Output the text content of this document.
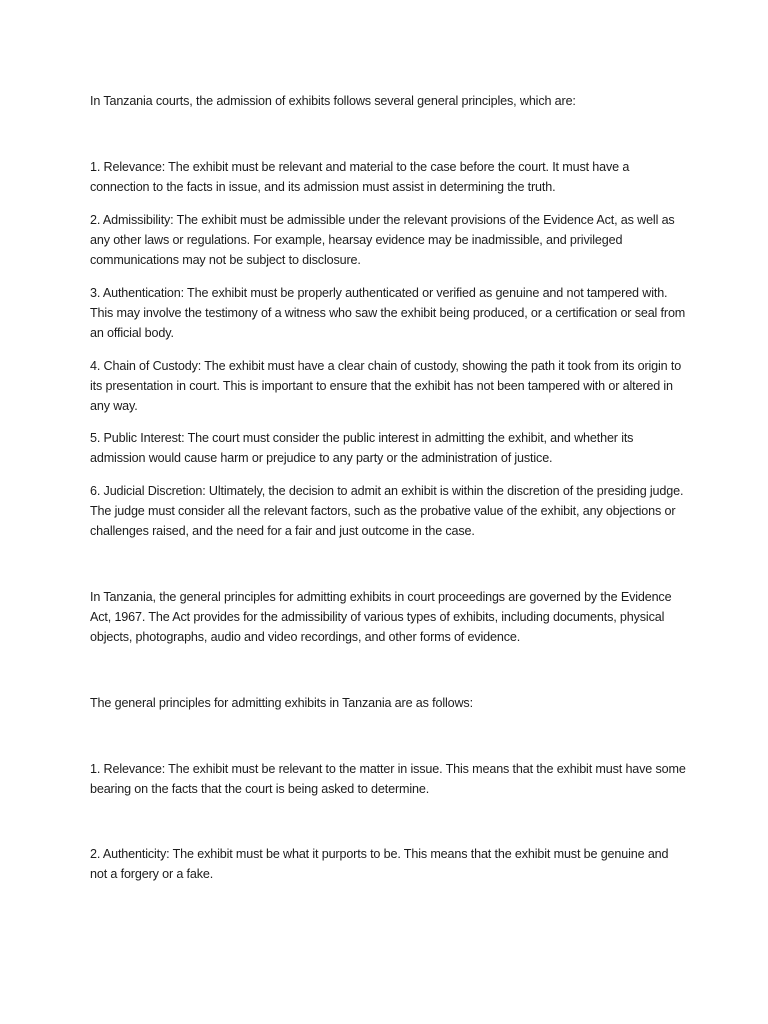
In Tanzania courts, the admission of exhibits follows several general principles, which are:

1. Relevance: The exhibit must be relevant and material to the case before the court. It must have a connection to the facts in issue, and its admission must assist in determining the truth.

2. Admissibility: The exhibit must be admissible under the relevant provisions of the Evidence Act, as well as any other laws or regulations. For example, hearsay evidence may be inadmissible, and privileged communications may not be subject to disclosure.

3. Authentication: The exhibit must be properly authenticated or verified as genuine and not tampered with. This may involve the testimony of a witness who saw the exhibit being produced, or a certification or seal from an official body.

4. Chain of Custody: The exhibit must have a clear chain of custody, showing the path it took from its origin to its presentation in court. This is important to ensure that the exhibit has not been tampered with or altered in any way.

5. Public Interest: The court must consider the public interest in admitting the exhibit, and whether its admission would cause harm or prejudice to any party or the administration of justice.

6. Judicial Discretion: Ultimately, the decision to admit an exhibit is within the discretion of the presiding judge. The judge must consider all the relevant factors, such as the probative value of the exhibit, any objections or challenges raised, and the need for a fair and just outcome in the case.

In Tanzania, the general principles for admitting exhibits in court proceedings are governed by the Evidence Act, 1967. The Act provides for the admissibility of various types of exhibits, including documents, physical objects, photographs, audio and video recordings, and other forms of evidence.

The general principles for admitting exhibits in Tanzania are as follows:

1. Relevance: The exhibit must be relevant to the matter in issue. This means that the exhibit must have some bearing on the facts that the court is being asked to determine.

2. Authenticity: The exhibit must be what it purports to be. This means that the exhibit must be genuine and not a forgery or a fake.
